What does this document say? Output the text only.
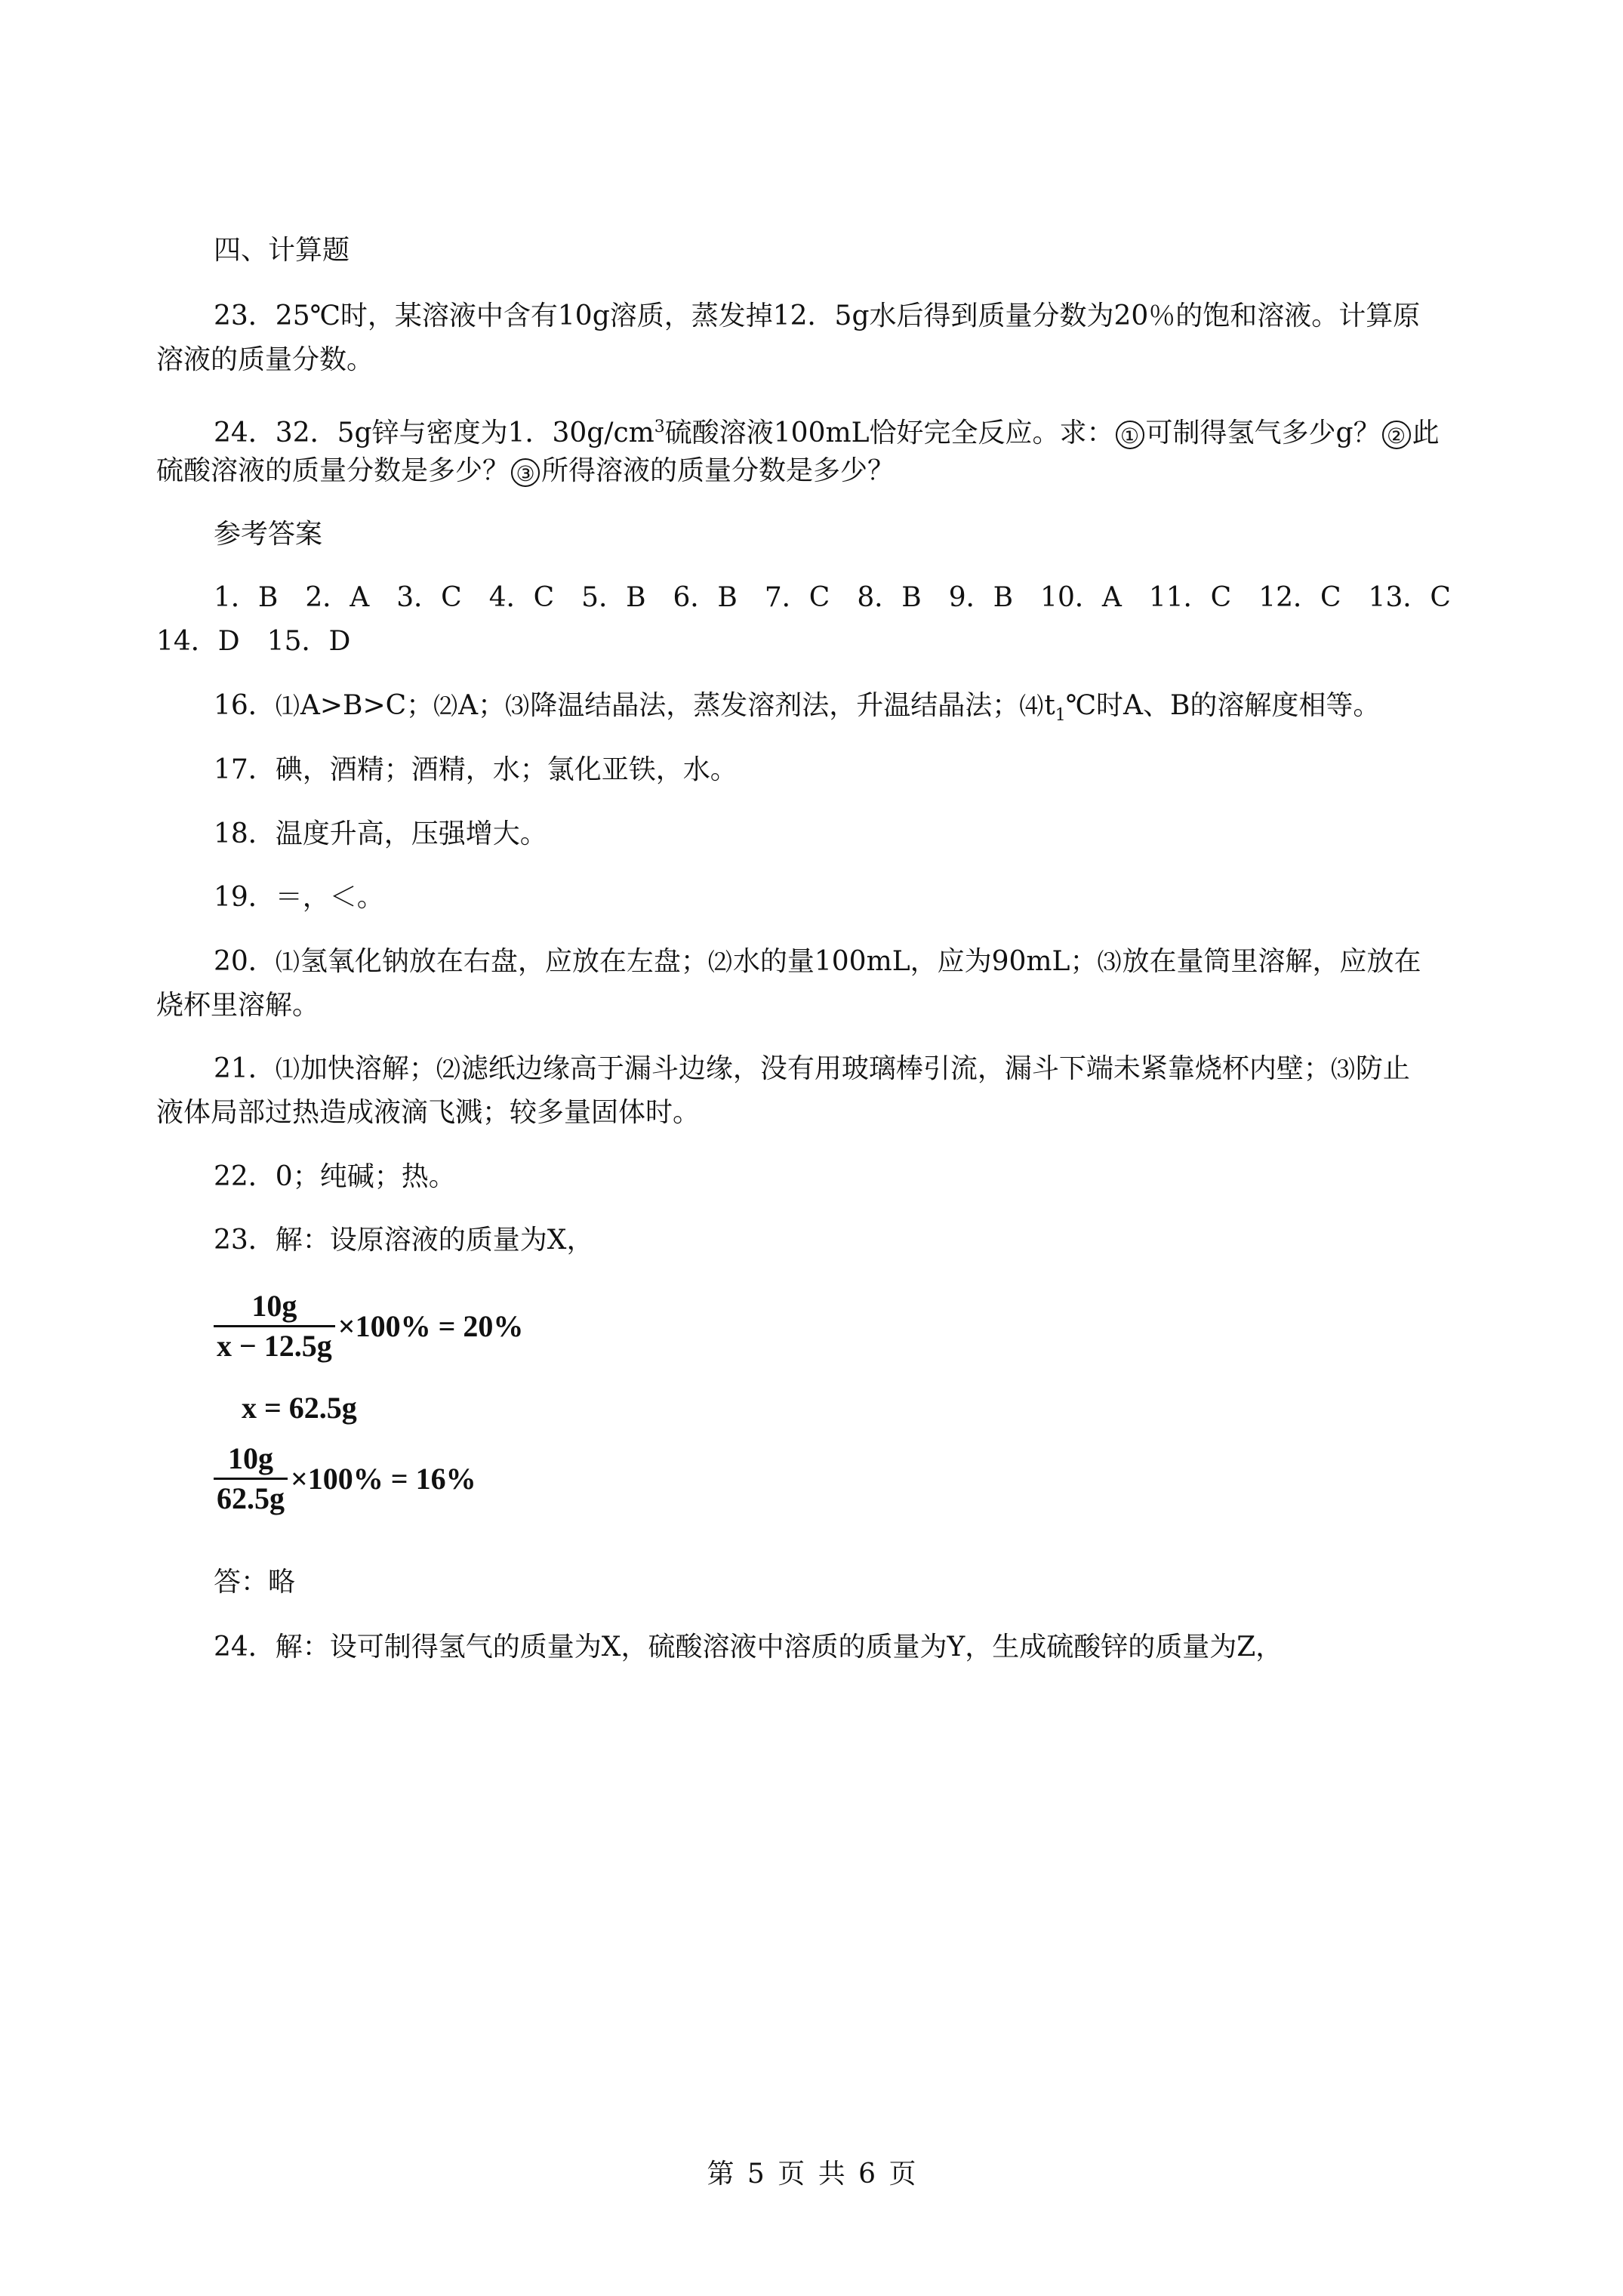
四、计算题
23．25℃时，某溶液中含有10g溶质，蒸发掉12．5g水后得到质量分数为20％的饱和溶液。计算原
溶液的质量分数。
24．32．5g锌与密度为1．$30g/cm^3$硫酸溶液100mL恰好完全反应。求： ① 可制得氢气多少g？ ② 此
硫酸溶液的质量分数是多少？ ③ 所得溶液的质量分数是多少？
参考答案
1．B　2．A　3．C　4．C　5．B　6．B　7．C　8．B　9．B　10．A　11．C　12．C　13．C
14．D　15．D
16．⑴A>B>C；⑵A；⑶降温结晶法，蒸发溶剂法，升温结晶法；$⑷t_1℃$时A、B的溶解度相等。
17．碘，酒精；酒精，水；氯化亚铁，水。
18．温度升高，压强增大。
19．＝，＜。
20．⑴氢氧化钠放在右盘，应放在左盘；⑵水的量100mL，应为90mL；⑶放在量筒里溶解，应放在
烧杯里溶解。
21．⑴加快溶解；⑵滤纸边缘高于漏斗边缘，没有用玻璃棒引流，漏斗下端未紧靠烧杯内壁；⑶防止
液体局部过热造成液滴飞溅；较多量固体时。
22．0；纯碱；热。
23．解：设原溶液的质量为X，
$\frac{10g}{x - 12.5g} \times 100\% = 20\%$
x = 62.5g
$\frac{10g}{62.5g} \times 100\% = 16\%$
答：略
24．解：设可制得氢气的质量为X，硫酸溶液中溶质的质量为Y，生成硫酸锌的质量为Z，
第 5 页 共 6 页
